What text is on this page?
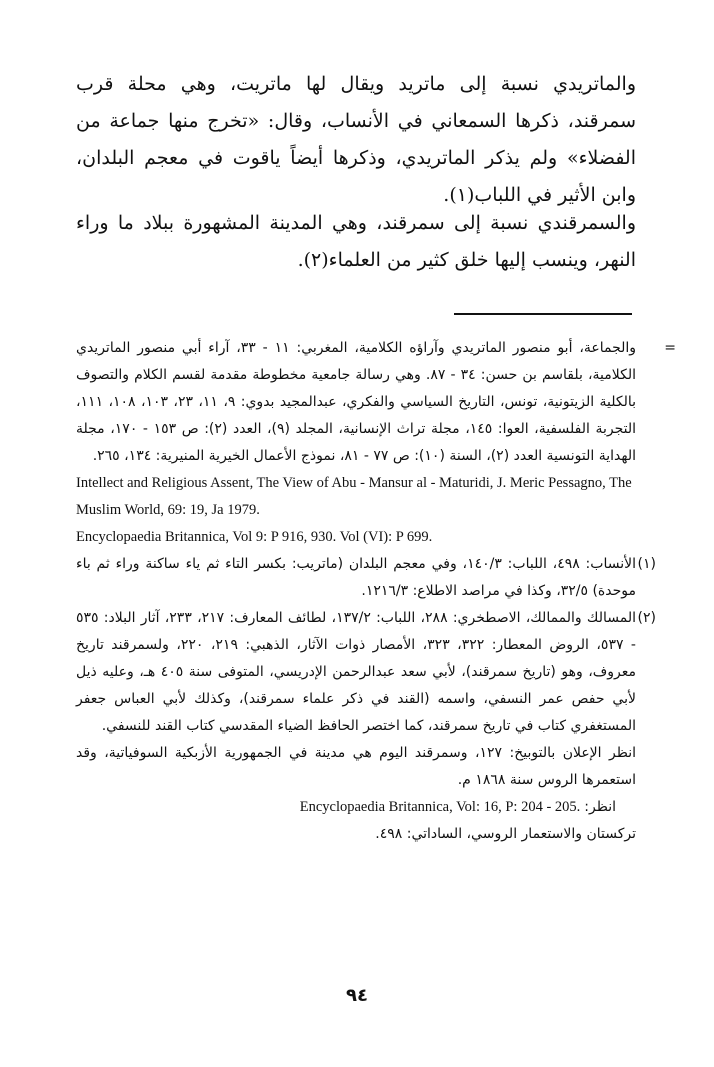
والماتريدي نسبة إلى ماتريد ويقال لها ماتريت، وهي محلة قرب سمرقند، ذكرها السمعاني في الأنساب، وقال: «تخرج منها جماعة من الفضلاء» ولم يذكر الماتريدي، وذكرها أيضاً ياقوت في معجم البلدان، وابن الأثير في اللباب(١).

والسمرقندي نسبة إلى سمرقند، وهي المدينة المشهورة ببلاد ما وراء النهر، وينسب إليها خلق كثير من العلماء(٢).

=
والجماعة، أبو منصور الماتريدي وآراؤه الكلامية، المغربي: ١١ - ٣٣، آراء أبي منصور الماتريدي الكلامية، بلقاسم بن حسن: ٣٤ - ٨٧. وهي رسالة جامعية مخطوطة مقدمة لقسم الكلام والتصوف بالكلية الزيتونية، تونس، التاريخ السياسي والفكري، عبدالمجيد بدوي: ٩، ١١، ٢٣، ١٠٣، ١٠٨، ١١١، التجربة الفلسفية، العوا: ١٤٥، مجلة تراث الإنسانية، المجلد (٩)، العدد (٢): ص ١٥٣ - ١٧٠، مجلة الهداية التونسية العدد (٢)، السنة (١٠): ص ٧٧ - ٨١، نموذج الأعمال الخيرية المنيرية: ١٣٤، ٢٦٥.

Intellect and Religious Assent, The View of Abu - Mansur al - Maturidi, J. Meric Pessagno, The Muslim World, 69: 19, Ja 1979.

Encyclopaedia Britannica, Vol 9: P 916, 930. Vol (VI): P 699.

(١)
الأنساب: ٤٩٨، اللباب: ١٤٠/٣، وفي معجم البلدان (ماتريب: بكسر التاء ثم ياء ساكنة وراء ثم باء موحدة) ٣٢/٥، وكذا في مراصد الاطلاع: ١٢١٦/٣.
(٢)
المسالك والممالك، الاصطخري: ٢٨٨، اللباب: ١٣٧/٢، لطائف المعارف: ٢١٧، ٢٣٣، آثار البلاد: ٥٣٥ - ٥٣٧، الروض المعطار: ٣٢٢، ٣٢٣، الأمصار ذوات الآثار، الذهبي: ٢١٩، ٢٢٠، ولسمرقند تاريخ معروف، وهو (تاريخ سمرقند)، لأبي سعد عبدالرحمن الإدريسي، المتوفى سنة ٤٠٥ هـ، وعليه ذيل لأبي حفص عمر النسفي، واسمه (القند في ذكر علماء سمرقند)، وكذلك لأبي العباس جعفر المستغفري كتاب في تاريخ سمرقند، كما اختصر الحافظ الضياء المقدسي كتاب القند للنسفي.

انظر الإعلان بالتوبيخ: ١٢٧، وسمرقند اليوم هي مدينة في الجمهورية الأزبكية السوفياتية، وقد استعمرها الروس سنة ١٨٦٨ م.

Encyclopaedia Britannica, Vol: 16, P: 204 - 205. انظر:

تركستان والاستعمار الروسي، الساداتي: ٤٩٨.

٩٤
